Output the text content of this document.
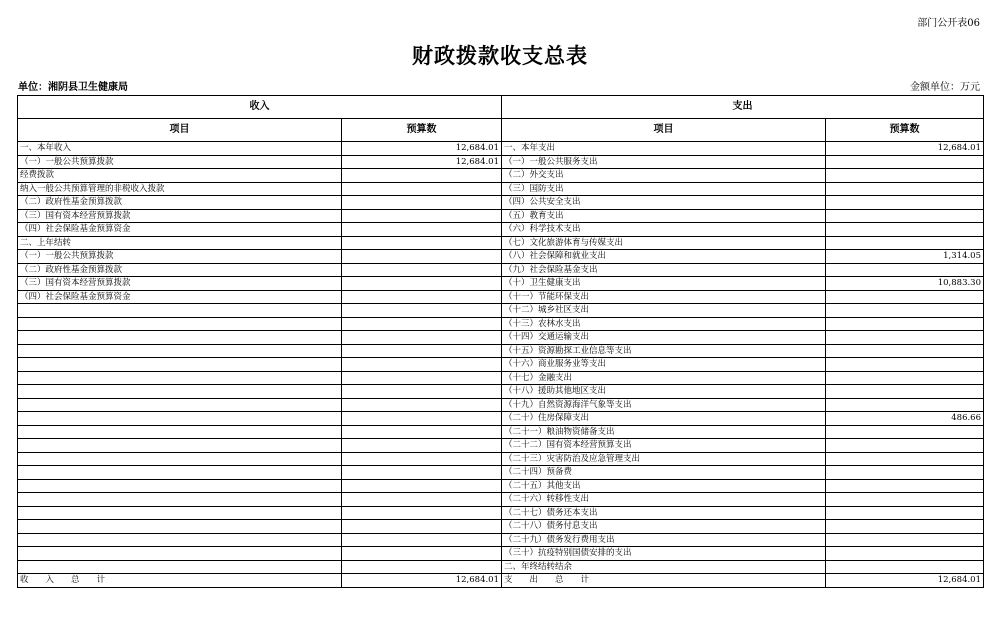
部门公开表06
财政拨款收支总表
单位：湘阴县卫生健康局	金额单位：万元
收入		支出	
项目	预算数	项目	预算数
一、本年收入	12,684.01	一、本年支出	12,684.01
（一）一般公共预算拨款	12,684.01	（一）一般公共服务支出	
经费拨款		（二）外交支出	
纳入一般公共预算管理的非税收入拨款		（三）国防支出	
（二）政府性基金预算拨款		（四）公共安全支出	
（三）国有资本经营预算拨款		（五）教育支出	
（四）社会保险基金预算资金		（六）科学技术支出	
二、上年结转		（七）文化旅游体育与传媒支出	
（一）一般公共预算拨款		（八）社会保障和就业支出	1,314.05
（二）政府性基金预算拨款		（九）社会保险基金支出	
（三）国有资本经营预算拨款		（十）卫生健康支出	10,883.30
（四）社会保险基金预算资金		（十一）节能环保支出	
		（十二）城乡社区支出	
		（十三）农林水支出	
		（十四）交通运输支出	
		（十五）资源勘探工业信息等支出	
		（十六）商业服务业等支出	
		（十七）金融支出	
		（十八）援助其他地区支出	
		（十九）自然资源海洋气象等支出	
		（二十）住房保障支出	486.66
		（二十一）粮油物资储备支出	
		（二十二）国有资本经营预算支出	
		（二十三）灾害防治及应急管理支出	
		（二十四）预备费	
		（二十五）其他支出	
		（二十六）转移性支出	
		（二十七）债务还本支出	
		（二十八）债务付息支出	
		（二十九）债务发行费用支出	
		（三十）抗疫特别国债安排的支出	
		二、年终结转结余	
收　　入　　总　　计	12,684.01	支　　出　　总　　计	12,684.01
